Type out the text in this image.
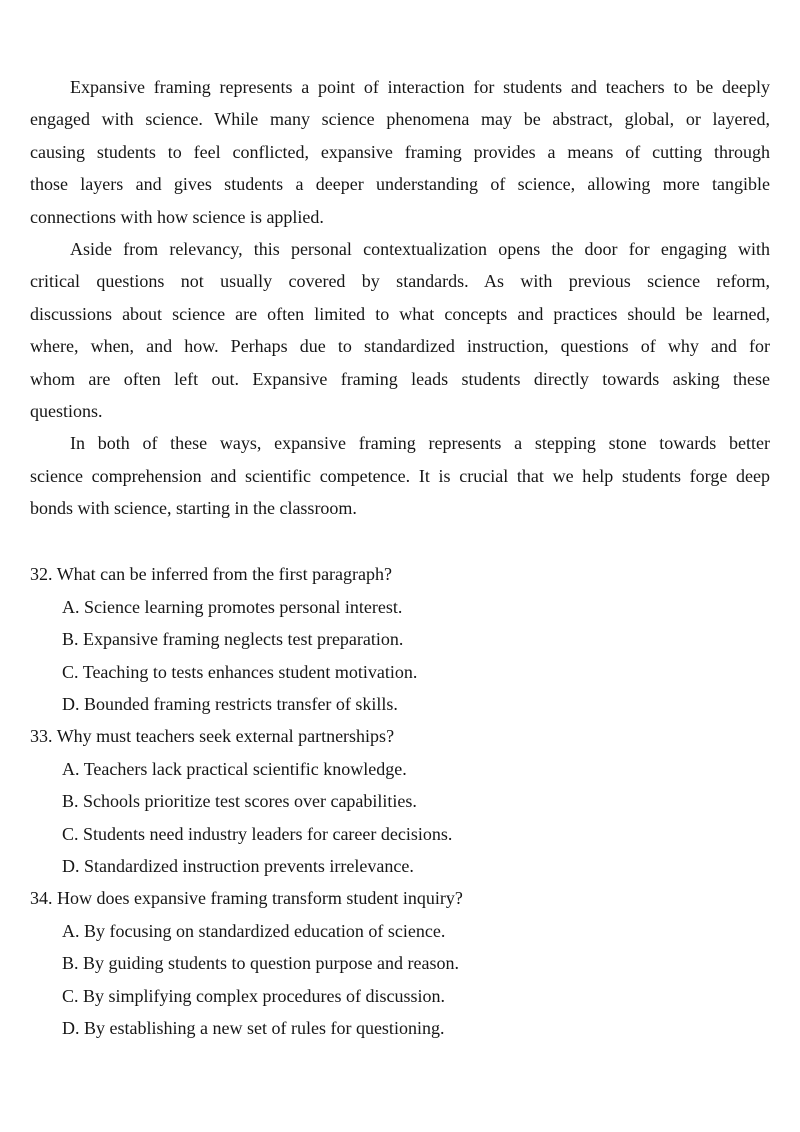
Expansive framing represents a point of interaction for students and teachers to be deeply
engaged with science. While many science phenomena may be abstract, global, or layered,
causing students to feel conflicted, expansive framing provides a means of cutting through
those layers and gives students a deeper understanding of science, allowing more tangible
connections with how science is applied.
Aside from relevancy, this personal contextualization opens the door for engaging with
critical questions not usually covered by standards. As with previous science reform,
discussions about science are often limited to what concepts and practices should be learned,
where, when, and how. Perhaps due to standardized instruction, questions of why and for
whom are often left out. Expansive framing leads students directly towards asking these
questions.
In both of these ways, expansive framing represents a stepping stone towards better
science comprehension and scientific competence. It is crucial that we help students forge deep
bonds with science, starting in the classroom.
32. What can be inferred from the first paragraph?
A. Science learning promotes personal interest.
B. Expansive framing neglects test preparation.
C. Teaching to tests enhances student motivation.
D. Bounded framing restricts transfer of skills.
33. Why must teachers seek external partnerships?
A. Teachers lack practical scientific knowledge.
B. Schools prioritize test scores over capabilities.
C. Students need industry leaders for career decisions.
D. Standardized instruction prevents irrelevance.
34. How does expansive framing transform student inquiry?
A. By focusing on standardized education of science.
B. By guiding students to question purpose and reason.
C. By simplifying complex procedures of discussion.
D. By establishing a new set of rules for questioning.
